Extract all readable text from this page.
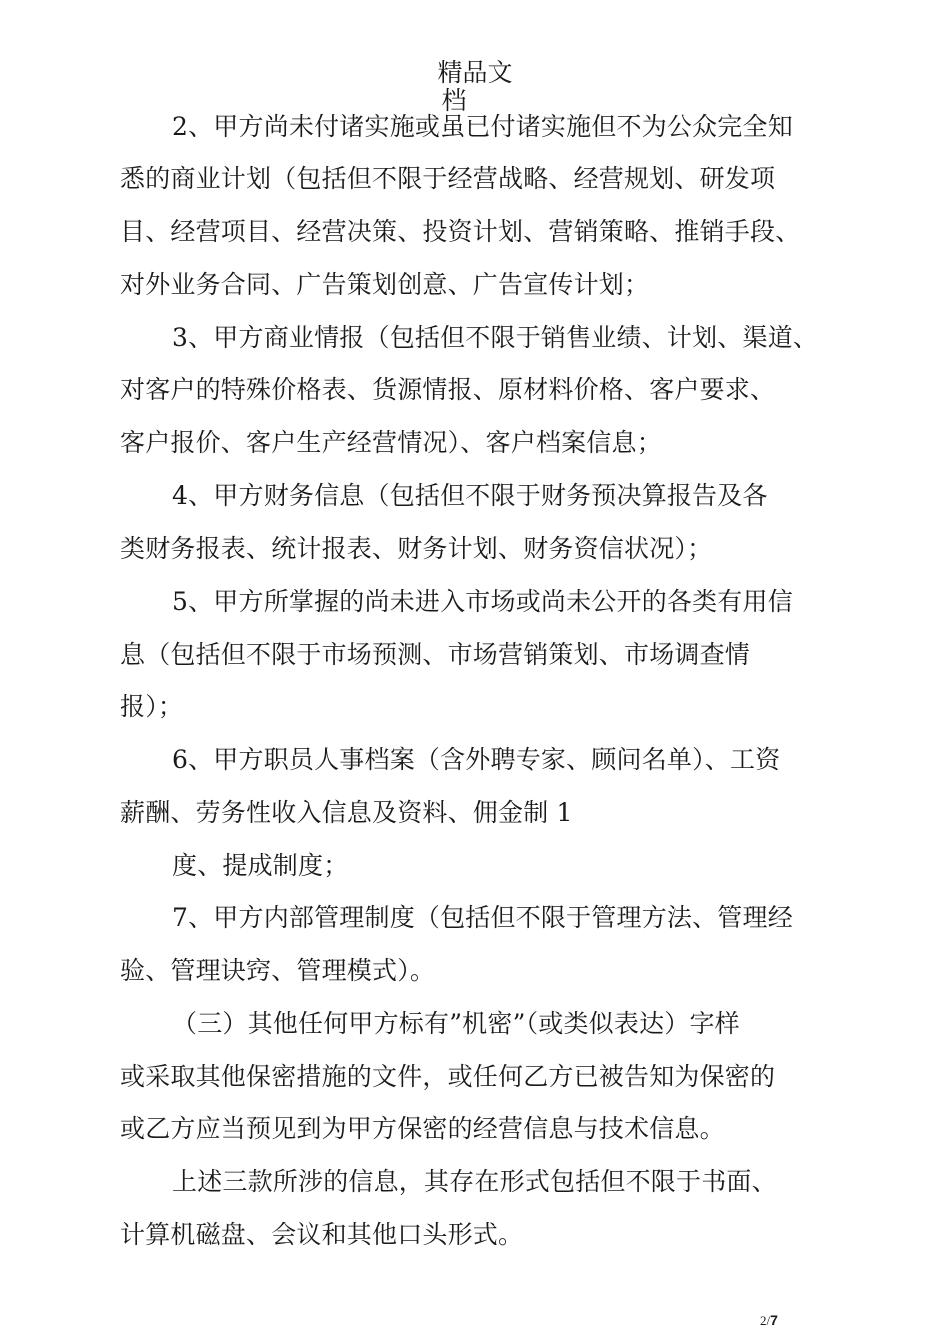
精品文
档
2、甲方尚未付诸实施或虽已付诸实施但不为公众完全知
悉的商业计划（包括但不限于经营战略、经营规划、研发项
目、经营项目、经营决策、投资计划、营销策略、推销手段、
对外业务合同、广告策划创意、广告宣传计划；
3、甲方商业情报（包括但不限于销售业绩、计划、渠道、
对客户的特殊价格表、货源情报、原材料价格、客户要求、
客户报价、客户生产经营情况）、客户档案信息；
4、甲方财务信息（包括但不限于财务预决算报告及各
类财务报表、统计报表、财务计划、财务资信状况）；
5、甲方所掌握的尚未进入市场或尚未公开的各类有用信
息（包括但不限于市场预测、市场营销策划、市场调查情
报）；
6、甲方职员人事档案（含外聘专家、顾问名单）、工资
薪酬、劳务性收入信息及资料、佣金制 1
度、提成制度；
7、甲方内部管理制度（包括但不限于管理方法、管理经
验、管理诀窍、管理模式）。
（三）其他任何甲方标有”机密”（或类似表达）字样
或采取其他保密措施的文件，或任何乙方已被告知为保密的
或乙方应当预见到为甲方保密的经营信息与技术信息。
上述三款所涉的信息，其存在形式包括但不限于书面、
计算机磁盘、会议和其他口头形式。
2/7
